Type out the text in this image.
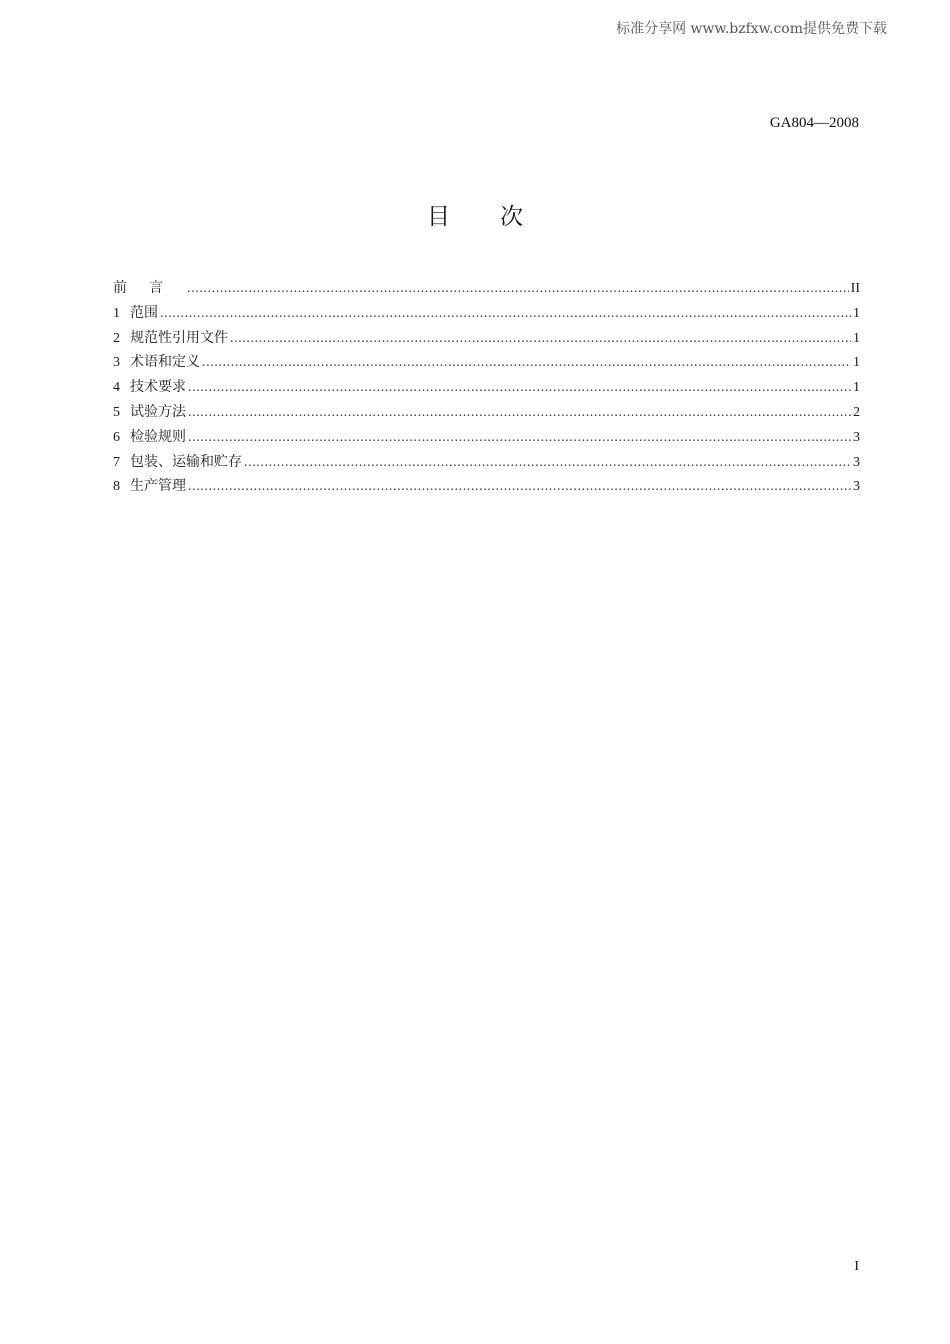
标准分享网 www.bzfxw.com提供免费下载
GA804—2008
目次
前言 .....	II
1 范围 .....	1
2 规范性引用文件 .....	1
3 术语和定义 .....	1
4 技术要求 .....	1
5 试验方法 .....	2
6 检验规则 .....	3
7 包装、运输和贮存 .....	3
8 生产管理 .....	3
I
